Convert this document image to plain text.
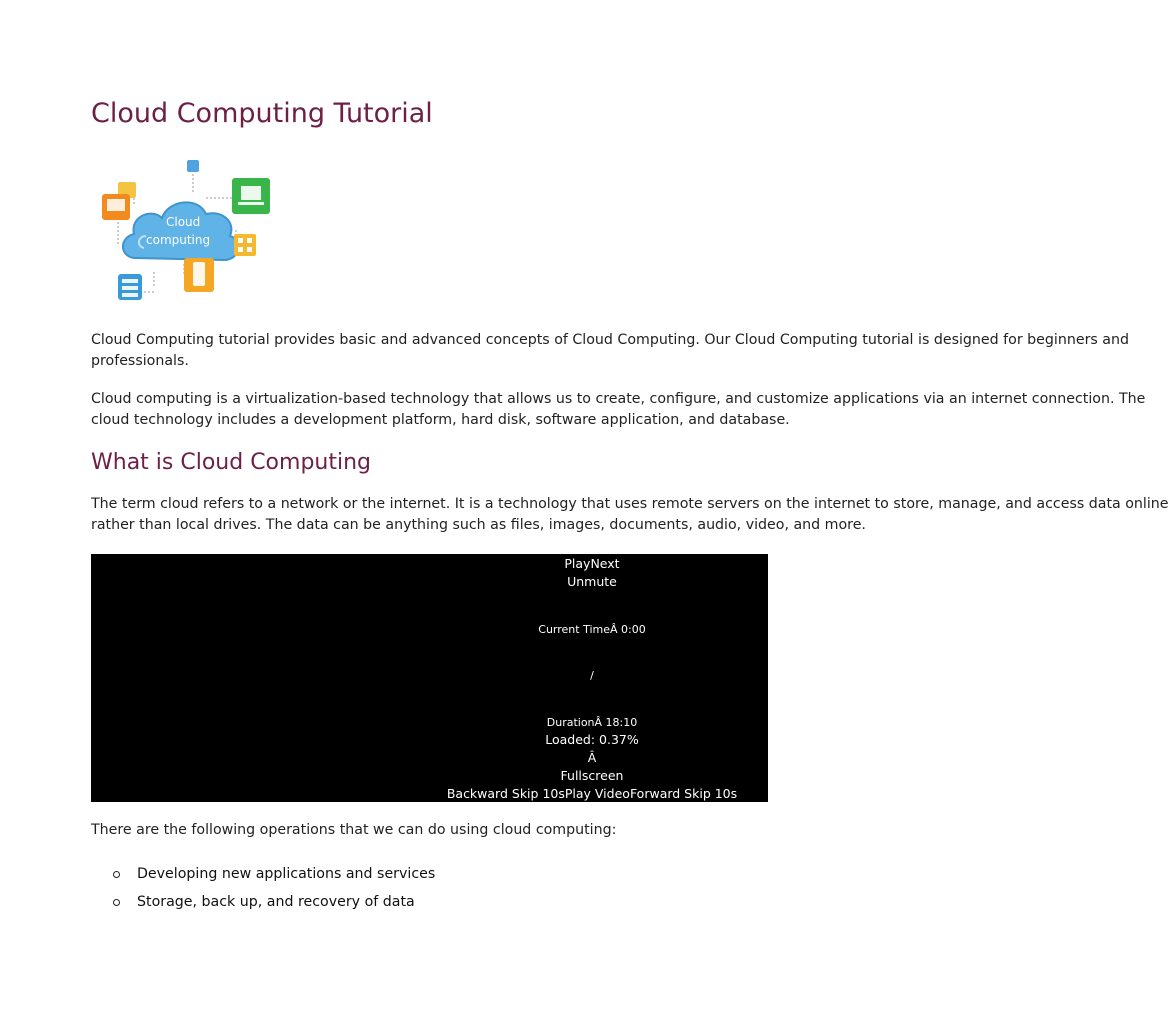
Cloud Computing Tutorial
Cloud
computing

Cloud Computing tutorial provides basic and advanced concepts of Cloud Computing. Our Cloud Computing tutorial is designed for beginners and
professionals.

Cloud computing is a virtualization-based technology that allows us to create, configure, and customize applications via an internet connection. The
cloud technology includes a development platform, hard disk, software application, and database.

What is Cloud Computing

The term cloud refers to a network or the internet. It is a technology that uses remote servers on the internet to store, manage, and access data online
rather than local drives. The data can be anything such as files, images, documents, audio, video, and more.

PlayNext
Unmute
Current TimeÂ 0:00
/
DurationÂ 18:10
Loaded: 0.37%
Â
Fullscreen
Backward Skip 10sPlay VideoForward Skip 10s

There are the following operations that we can do using cloud computing:

Developing new applications and services
Storage, back up, and recovery of data
